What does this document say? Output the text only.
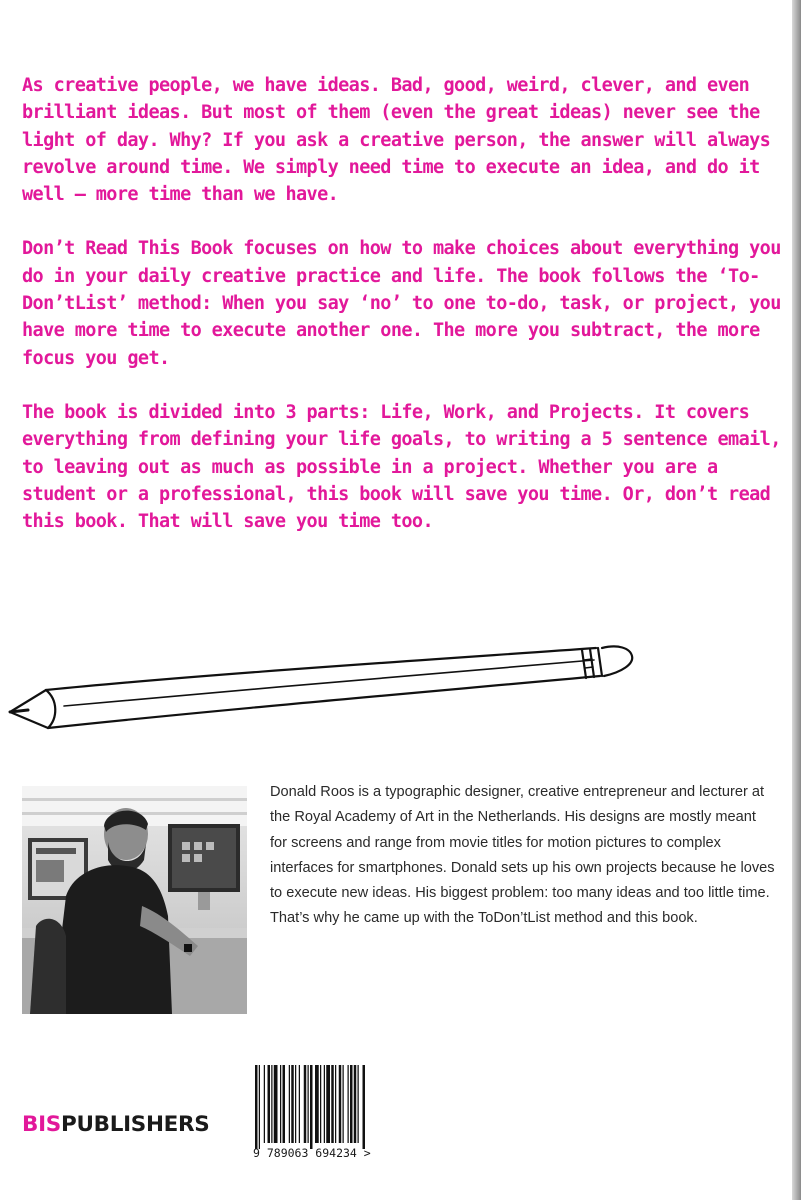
As creative people, we have ideas. Bad, good, weird, clever, and even brilliant ideas. But most of them (even the great ideas) never see the light of day. Why? If you ask a creative person, the answer will always revolve around time. We simply need time to execute an idea, and do it well — more time than we have.

Don’t Read This Book focuses on how to make choices about everything you do in your daily creative practice and life. The book follows the ‘To-Don’tList’ method: When you say ‘no’ to one to-do, task, or project, you have more time to execute another one. The more you subtract, the more focus you get.

The book is divided into 3 parts: Life, Work, and Projects. It covers everything from defining your life goals, to writing a 5 sentence email, to leaving out as much as possible in a project. Whether you are a student or a professional, this book will save you time. Or, don’t read this book. That will save you time too.

Donald Roos is a typographic designer, creative entrepreneur and lecturer at the Royal Academy of Art in the Netherlands. His designs are mostly meant for screens and range from movie titles for motion pictures to complex interfaces for smartphones. Donald sets up his own projects because he loves to execute new ideas. His biggest problem: too many ideas and too little time. That’s why he came up with the ToDon’tList method and this book.

BISPUBLISHERS
9 789063 694234 >
